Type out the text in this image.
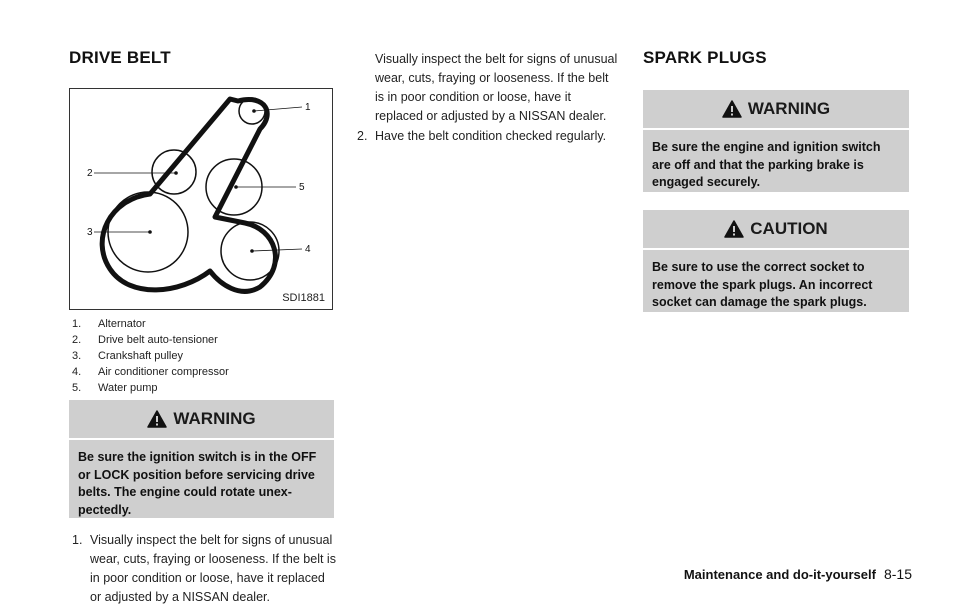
DRIVE BELT	SPARK PLUGS
1
2
3
4
5
SDI1881
1.	Alternator
2.	Drive belt auto-tensioner
3.	Crankshaft pulley
4.	Air conditioner compressor
5.	Water pump
WARNING
Be sure the ignition switch is in the OFF or LOCK position before servicing drive belts. The engine could rotate unex- pectedly.
1. Visually inspect the belt for signs of unusual wear, cuts, fraying or looseness. If the belt is in poor condition or loose, have it replaced or adjusted by a NISSAN dealer.
Visually inspect the belt for signs of unusual wear, cuts, fraying or looseness. If the belt is in poor condition or loose, have it replaced or adjusted by a NISSAN dealer.
2. Have the belt condition checked regularly.
WARNING
Be sure the engine and ignition switch are off and that the parking brake is engaged securely.
CAUTION
Be sure to use the correct socket to remove the spark plugs. An incorrect socket can damage the spark plugs.
Maintenance and do-it-yourself 8-15
